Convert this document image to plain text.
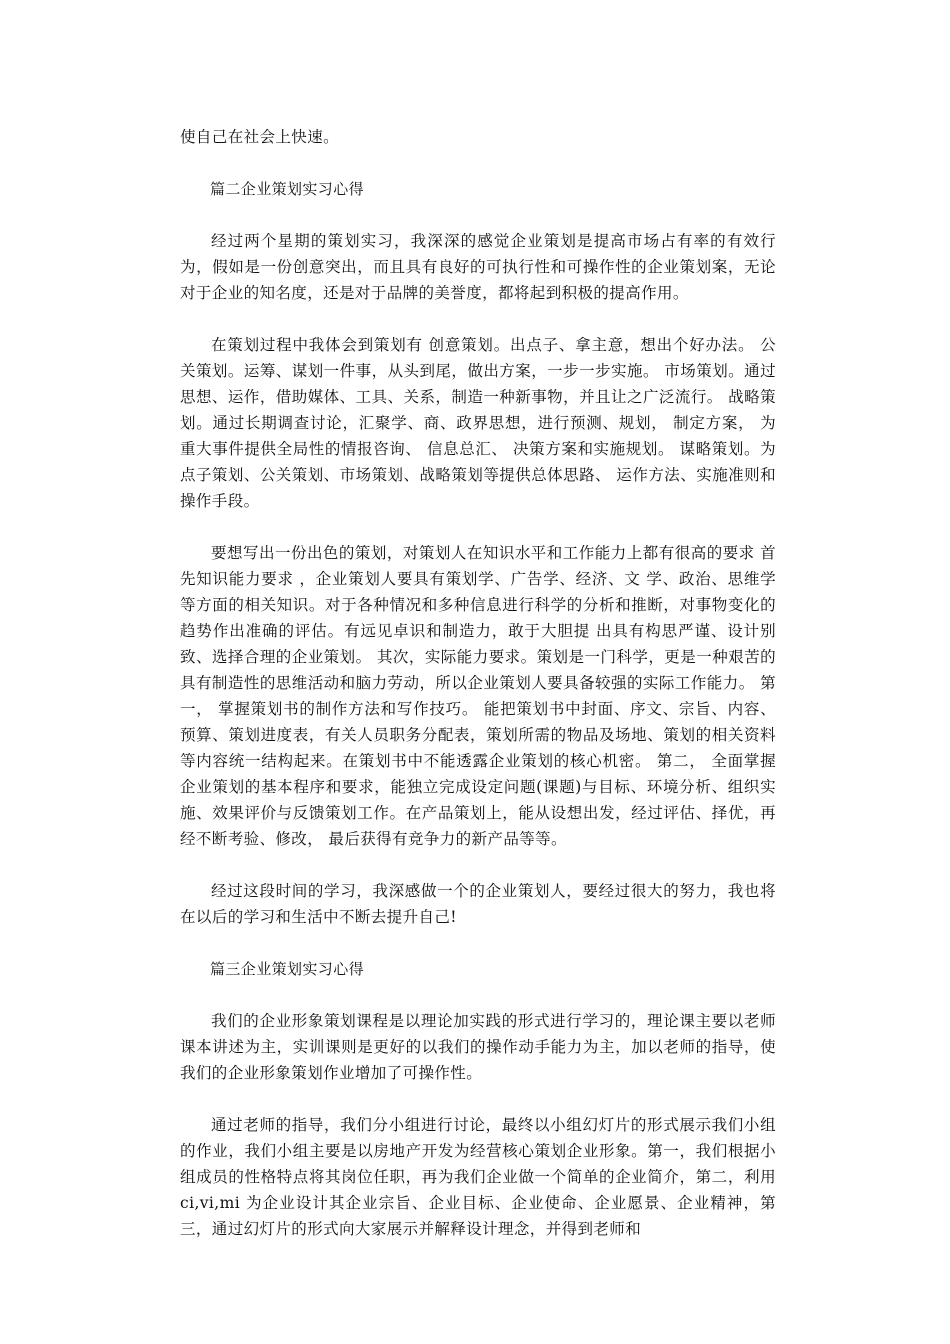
使自己在社会上快速。

篇二企业策划实习心得

经过两个星期的策划实习，我深深的感觉企业策划是提高市场占有率的有效行为，假如是一份创意突出，而且具有良好的可执行性和可操作性的企业策划案，无论对于企业的知名度，还是对于品牌的美誉度，都将起到积极的提高作用。

在策划过程中我体会到策划有 创意策划。出点子、拿主意，想出个好办法。 公关策划。运筹、谋划一件事，从头到尾，做出方案，一步一步实施。 市场策划。通过思想、运作，借助媒体、工具、关系，制造一种新事物，并且让之广泛流行。 战略策划。通过长期调查讨论，汇聚学、商、政界思想，进行预测、规划， 制定方案， 为重大事件提供全局性的情报咨询、 信息总汇、 决策方案和实施规划。 谋略策划。为点子策划、公关策划、市场策划、战略策划等提供总体思路、 运作方法、实施准则和操作手段。

要想写出一份出色的策划，对策划人在知识水平和工作能力上都有很高的要求 首先知识能力要求 ，企业策划人要具有策划学、广告学、经济、文 学、政治、思维学等方面的相关知识。对于各种情况和多种信息进行科学的分析和推断，对事物变化的趋势作出准确的评估。有远见卓识和制造力，敢于大胆提 出具有构思严谨、设计别致、选择合理的企业策划。 其次，实际能力要求。策划是一门科学，更是一种艰苦的具有制造性的思维活动和脑力劳动，所以企业策划人要具备较强的实际工作能力。 第一， 掌握策划书的制作方法和写作技巧。 能把策划书中封面、序文、宗旨、内容、预算、策划进度表，有关人员职务分配表，策划所需的物品及场地、策划的相关资料等内容统一结构起来。在策划书中不能透露企业策划的核心机密。 第二， 全面掌握企业策划的基本程序和要求，能独立完成设定问题(课题)与目标、环境分析、组织实施、效果评价与反馈策划工作。在产品策划上，能从设想出发，经过评估、择优，再经不断考验、修改， 最后获得有竞争力的新产品等等。

经过这段时间的学习，我深感做一个的企业策划人，要经过很大的努力，我也将在以后的学习和生活中不断去提升自己!

篇三企业策划实习心得

我们的企业形象策划课程是以理论加实践的形式进行学习的，理论课主要以老师课本讲述为主，实训课则是更好的以我们的操作动手能力为主，加以老师的指导，使我们的企业形象策划作业增加了可操作性。

通过老师的指导，我们分小组进行讨论，最终以小组幻灯片的形式展示我们小组的作业，我们小组主要是以房地产开发为经营核心策划企业形象。第一，我们根据小组成员的性格特点将其岗位任职，再为我们企业做一个简单的企业简介，第二，利用 ci,vi,mi 为企业设计其企业宗旨、企业目标、企业使命、企业愿景、企业精神，第三，通过幻灯片的形式向大家展示并解释设计理念，并得到老师和
